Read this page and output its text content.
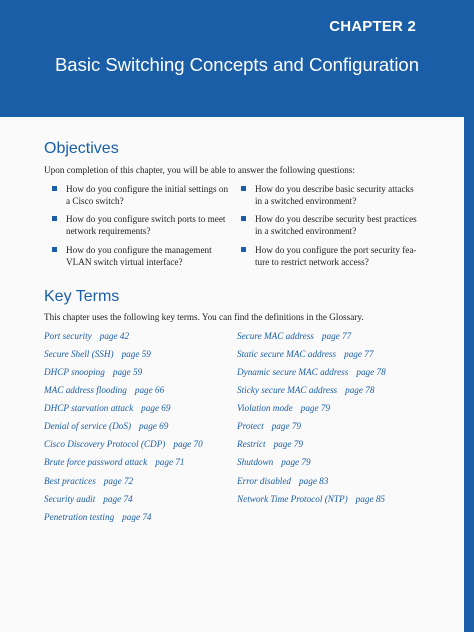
CHAPTER 2
Basic Switching Concepts and Configuration
Objectives
Upon completion of this chapter, you will be able to answer the following questions:
How do you configure the initial settings on
a Cisco switch?
How do you configure switch ports to meet
network requirements?
How do you configure the management
VLAN switch virtual interface?
How do you describe basic security attacks
in a switched environment?
How do you describe security best practices
in a switched environment?
How do you configure the port security fea-
ture to restrict network access?
Key Terms
This chapter uses the following key terms. You can find the definitions in the Glossary.
Port security page 42
Secure Shell (SSH) page 59
DHCP snooping page 59
MAC address flooding page 66
DHCP starvation attack page 69
Denial of service (DoS) page 69
Cisco Discovery Protocol (CDP) page 70
Brute force password attack page 71
Best practices page 72
Security audit page 74
Penetration testing page 74
Secure MAC address page 77
Static secure MAC address page 77
Dynamic secure MAC address page 78
Sticky secure MAC address page 78
Violation mode page 79
Protect page 79
Restrict page 79
Shutdown page 79
Error disabled page 83
Network Time Protocol (NTP) page 85
